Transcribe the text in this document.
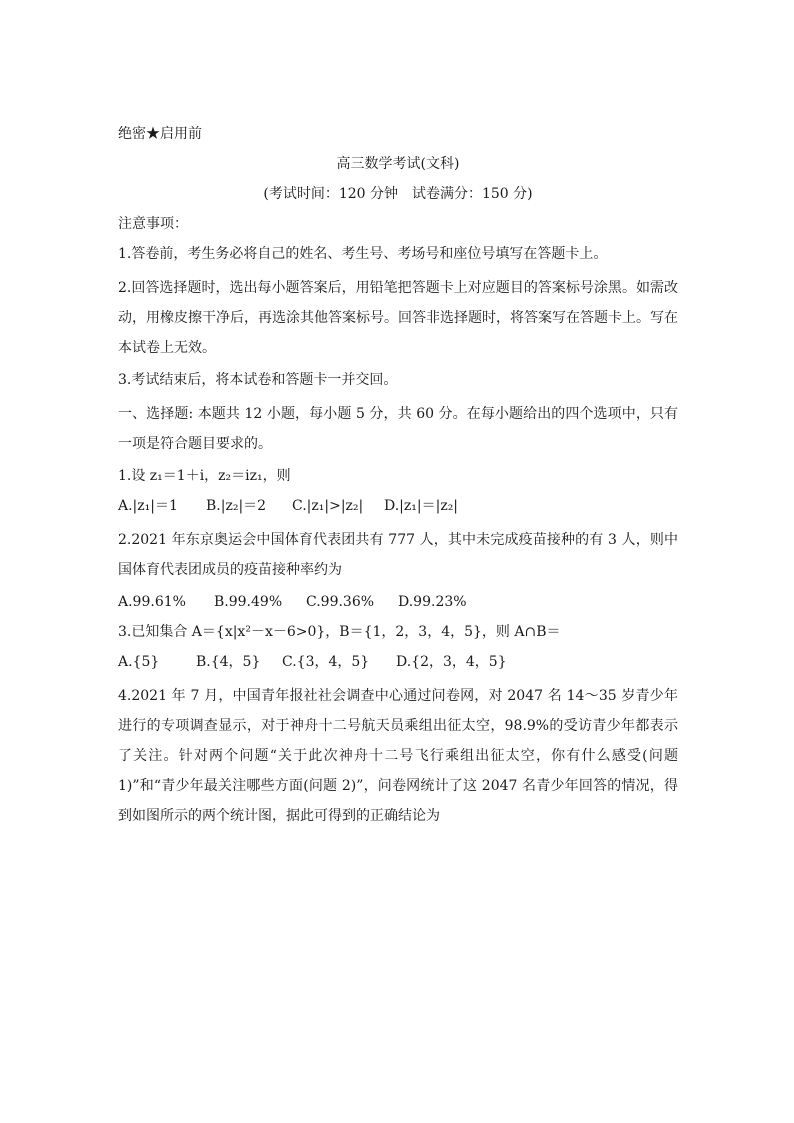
绝密★启用前
高三数学考试(文科)
(考试时间：120 分钟　试卷满分：150 分)
注意事项：
1.答卷前，考生务必将自己的姓名、考生号、考场号和座位号填写在答题卡上。
2.回答选择题时，选出每小题答案后，用铅笔把答题卡上对应题目的答案标号涂黑。如需改动，用橡皮擦干净后，再选涂其他答案标号。回答非选择题时，将答案写在答题卡上。写在本试卷上无效。
3.考试结束后，将本试卷和答题卡一并交回。
一、选择题: 本题共 12 小题，每小题 5 分，共 60 分。在每小题给出的四个选项中，只有一项是符合题目要求的。
1.设 z₁＝1＋i，z₂＝iz₁，则
A.|z₁|＝1	B.|z₂|＝2	C.|z₁|>|z₂|	D.|z₁|＝|z₂|
2.2021 年东京奥运会中国体育代表团共有 777 人，其中未完成疫苗接种的有 3 人，则中国体育代表团成员的疫苗接种率约为
A.99.61%	B.99.49%	C.99.36%	D.99.23%
3.已知集合 A＝{x|x²－x－6>0}，B＝{1，2，3，4，5}，则 A∩B＝
A.{5}	B.{4，5}	C.{3，4，5}	D.{2，3，4，5}
4.2021 年 7 月，中国青年报社社会调查中心通过问卷网，对 2047 名 14～35 岁青少年进行的专项调查显示，对于神舟十二号航天员乘组出征太空，98.9%的受访青少年都表示了关注。针对两个问题“关于此次神舟十二号飞行乘组出征太空，你有什么感受(问题 1)”和“青少年最关注哪些方面(问题 2)”，问卷网统计了这 2047 名青少年回答的情况，得到如图所示的两个统计图，据此可得到的正确结论为
